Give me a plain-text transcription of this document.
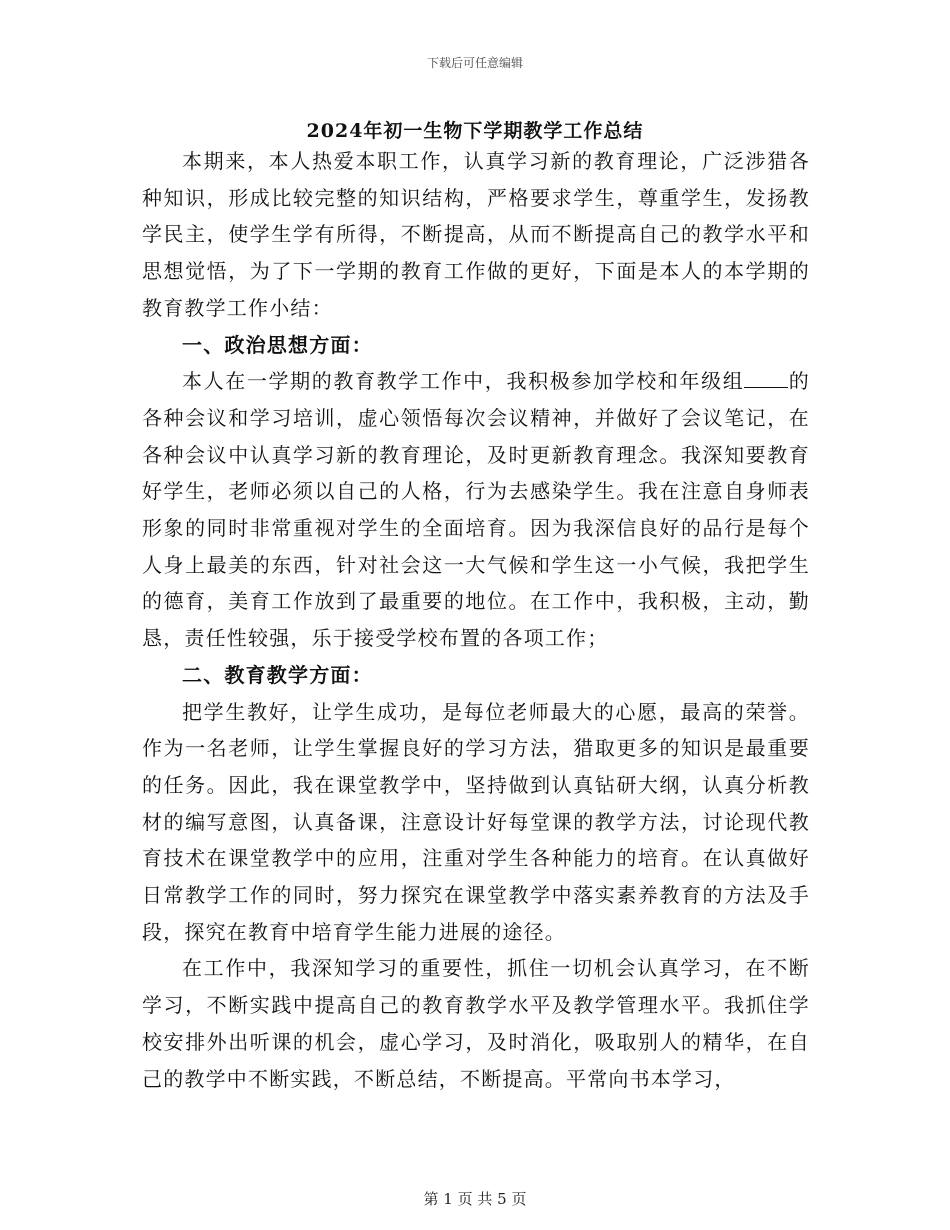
下载后可任意编辑
2024年初一生物下学期教学工作总结

本期来，本人热爱本职工作，认真学习新的教育理论，广泛涉猎各种知识，形成比较完整的知识结构，严格要求学生，尊重学生，发扬教学民主，使学生学有所得，不断提高，从而不断提高自己的教学水平和思想觉悟，为了下一学期的教育工作做的更好，下面是本人的本学期的教育教学工作小结：

一、政治思想方面：

本人在一学期的教育教学工作中，我积极参加学校和年级组 的各种会议和学习培训，虚心领悟每次会议精神，并做好了会议笔记，在各种会议中认真学习新的教育理论，及时更新教育理念。我深知要教育好学生，老师必须以自己的人格，行为去感染学生。我在注意自身师表形象的同时非常重视对学生的全面培育。因为我深信良好的品行是每个人身上最美的东西，针对社会这一大气候和学生这一小气候，我把学生的德育，美育工作放到了最重要的地位。在工作中，我积极，主动，勤恳，责任性较强，乐于接受学校布置的各项工作；

二、教育教学方面：

把学生教好，让学生成功，是每位老师最大的心愿，最高的荣誉。作为一名老师，让学生掌握良好的学习方法，猎取更多的知识是最重要的任务。因此，我在课堂教学中，坚持做到认真钻研大纲，认真分析教材的编写意图，认真备课，注意设计好每堂课的教学方法，讨论现代教育技术在课堂教学中的应用，注重对学生各种能力的培育。在认真做好日常教学工作的同时，努力探究在课堂教学中落实素养教育的方法及手段，探究在教育中培育学生能力进展的途径。

在工作中，我深知学习的重要性，抓住一切机会认真学习，在不断学习，不断实践中提高自己的教育教学水平及教学管理水平。我抓住学校安排外出听课的机会，虚心学习，及时消化，吸取别人的精华，在自己的教学中不断实践，不断总结，不断提高。平常向书本学习，

第 1 页 共 5 页
